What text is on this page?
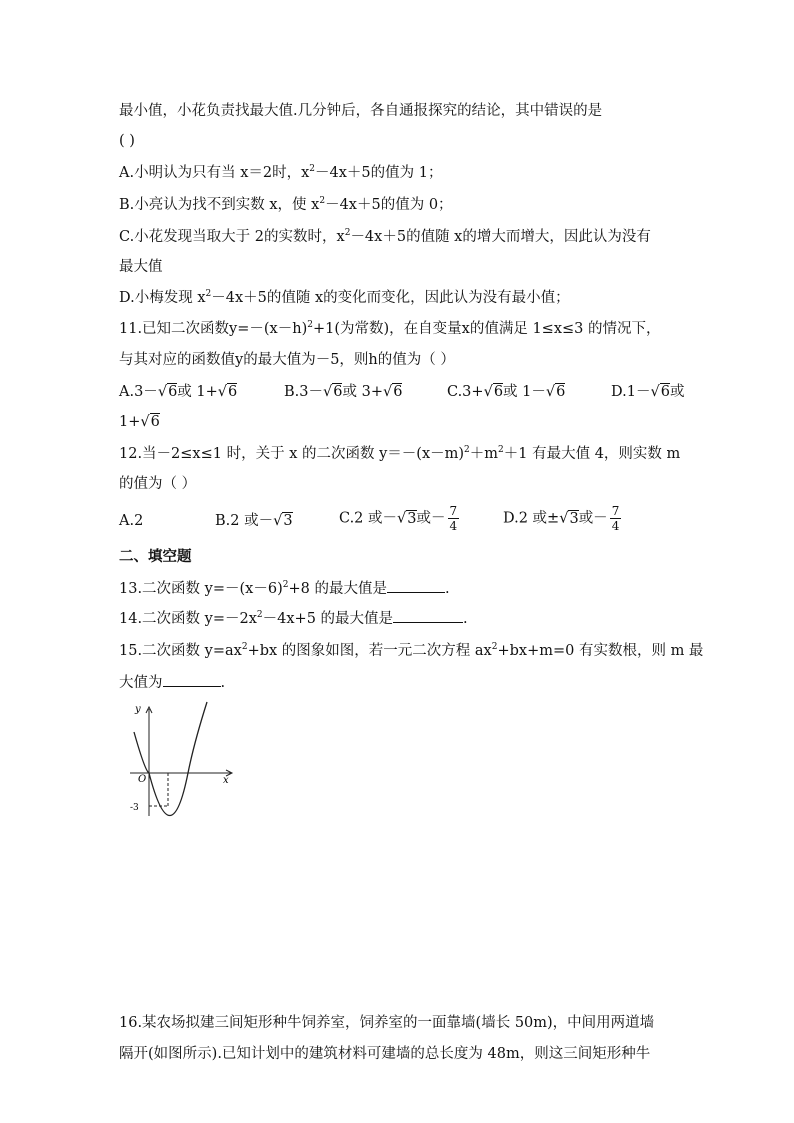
最小值，小花负责找最大值.几分钟后，各自通报探究的结论，其中错误的是
( )
A.小明认为只有当 x＝2时，$x^2-4x+5$的值为 1；
B.小亮认为找不到实数 x，使 $x^2-4x+5$的值为 0；
C.小花发现当取大于 2的实数时，$x^2-4x+5$的值随 x的增大而增大，因此认为没有
最大值
D.小梅发现 $x^2-4x+5$的值随 x的变化而变化，因此认为没有最小值；
11.已知二次函数$y=-(x-h)^2+1$(为常数)，在自变量x的值满足 1≤x≤3 的情况下，
与其对应的函数值y的最大值为－5，则h的值为（ ）
A.3－√6或 1+√6	B.3－√6或 3+√6	C.3+√6或 1－√6	D.1－√6或
1+√6
12.当－2≤x≤1 时，关于 x 的二次函数 $y=-(x-m)^2+m^2+1$ 有最大值 4，则实数 m
的值为（ ）
A.2	B.2 或－√3	C.2 或－√3或－ $\frac{7}{4}$	D.2 或±√3或－ $\frac{7}{4}$
二、填空题
13.二次函数 $y=-(x-6)^2+8$ 的最大值是	.
14.二次函数 $y=-2x^2-4x+5$ 的最大值是	.
15.二次函数 $y=ax^2+bx$ 的图象如图，若一元二次方程 $ax^2+bx+m=0$ 有实数根，则 m 最
大值为	.
y
x
O
-3
16.某农场拟建三间矩形种牛饲养室，饲养室的一面靠墙(墙长 50m)，中间用两道墙
隔开(如图所示).已知计划中的建筑材料可建墙的总长度为 48m，则这三间矩形种牛
